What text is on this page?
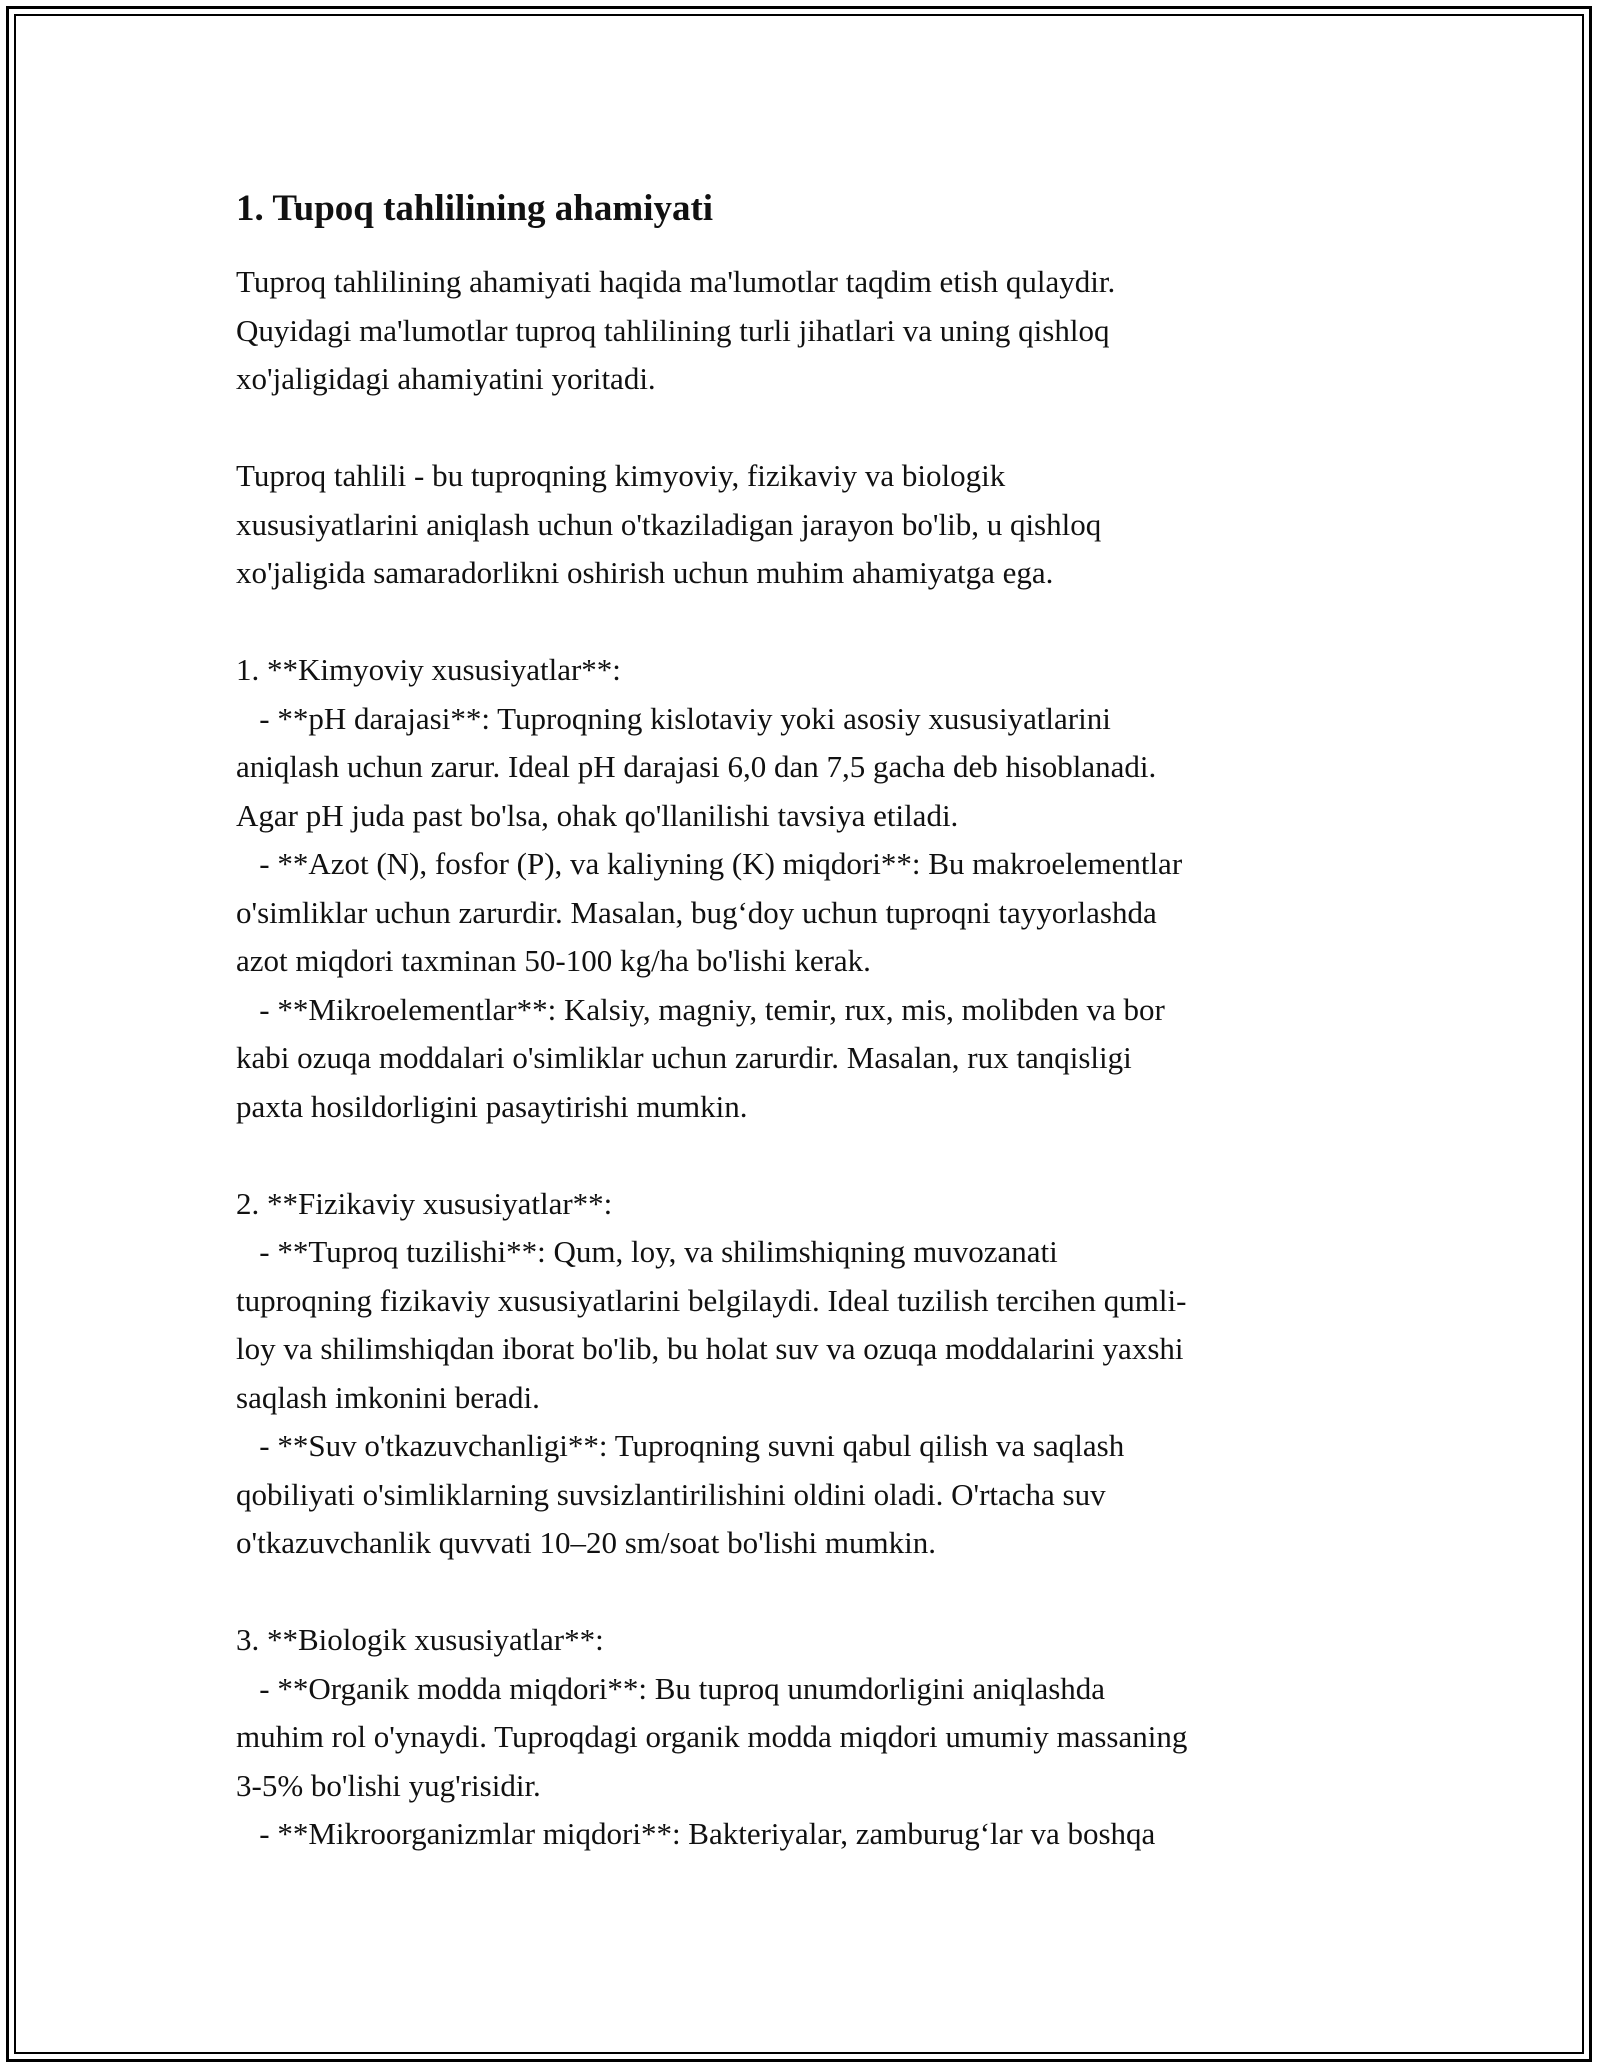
1. Tupoq tahlilining ahamiyati

Tuproq tahlilining ahamiyati haqida ma'lumotlar taqdim etish qulaydir.
Quyidagi ma'lumotlar tuproq tahlilining turli jihatlari va uning qishloq
xo'jaligidagi ahamiyatini yoritadi.

Tuproq tahlili - bu tuproqning kimyoviy, fizikaviy va biologik
xususiyatlarini aniqlash uchun o'tkaziladigan jarayon bo'lib, u qishloq
xo'jaligida samaradorlikni oshirish uchun muhim ahamiyatga ega.

1. **Kimyoviy xususiyatlar**:
- **pH darajasi**: Tuproqning kislotaviy yoki asosiy xususiyatlarini
aniqlash uchun zarur. Ideal pH darajasi 6,0 dan 7,5 gacha deb hisoblanadi.
Agar pH juda past bo'lsa, ohak qo'llanilishi tavsiya etiladi.
- **Azot (N), fosfor (P), va kaliyning (K) miqdori**: Bu makroelementlar
o'simliklar uchun zarurdir. Masalan, bug‘doy uchun tuproqni tayyorlashda
azot miqdori taxminan 50-100 kg/ha bo'lishi kerak.
- **Mikroelementlar**: Kalsiy, magniy, temir, rux, mis, molibden va bor
kabi ozuqa moddalari o'simliklar uchun zarurdir. Masalan, rux tanqisligi
paxta hosildorligini pasaytirishi mumkin.

2. **Fizikaviy xususiyatlar**:
- **Tuproq tuzilishi**: Qum, loy, va shilimshiqning muvozanati
tuproqning fizikaviy xususiyatlarini belgilaydi. Ideal tuzilish tercihen qumli-
loy va shilimshiqdan iborat bo'lib, bu holat suv va ozuqa moddalarini yaxshi
saqlash imkonini beradi.
- **Suv o'tkazuvchanligi**: Tuproqning suvni qabul qilish va saqlash
qobiliyati o'simliklarning suvsizlantirilishini oldini oladi. O'rtacha suv
o'tkazuvchanlik quvvati 10–20 sm/soat bo'lishi mumkin.

3. **Biologik xususiyatlar**:
- **Organik modda miqdori**: Bu tuproq unumdorligini aniqlashda
muhim rol o'ynaydi. Tuproqdagi organik modda miqdori umumiy massaning
3-5% bo'lishi yug'risidir.
- **Mikroorganizmlar miqdori**: Bakteriyalar, zamburug‘lar va boshqa
